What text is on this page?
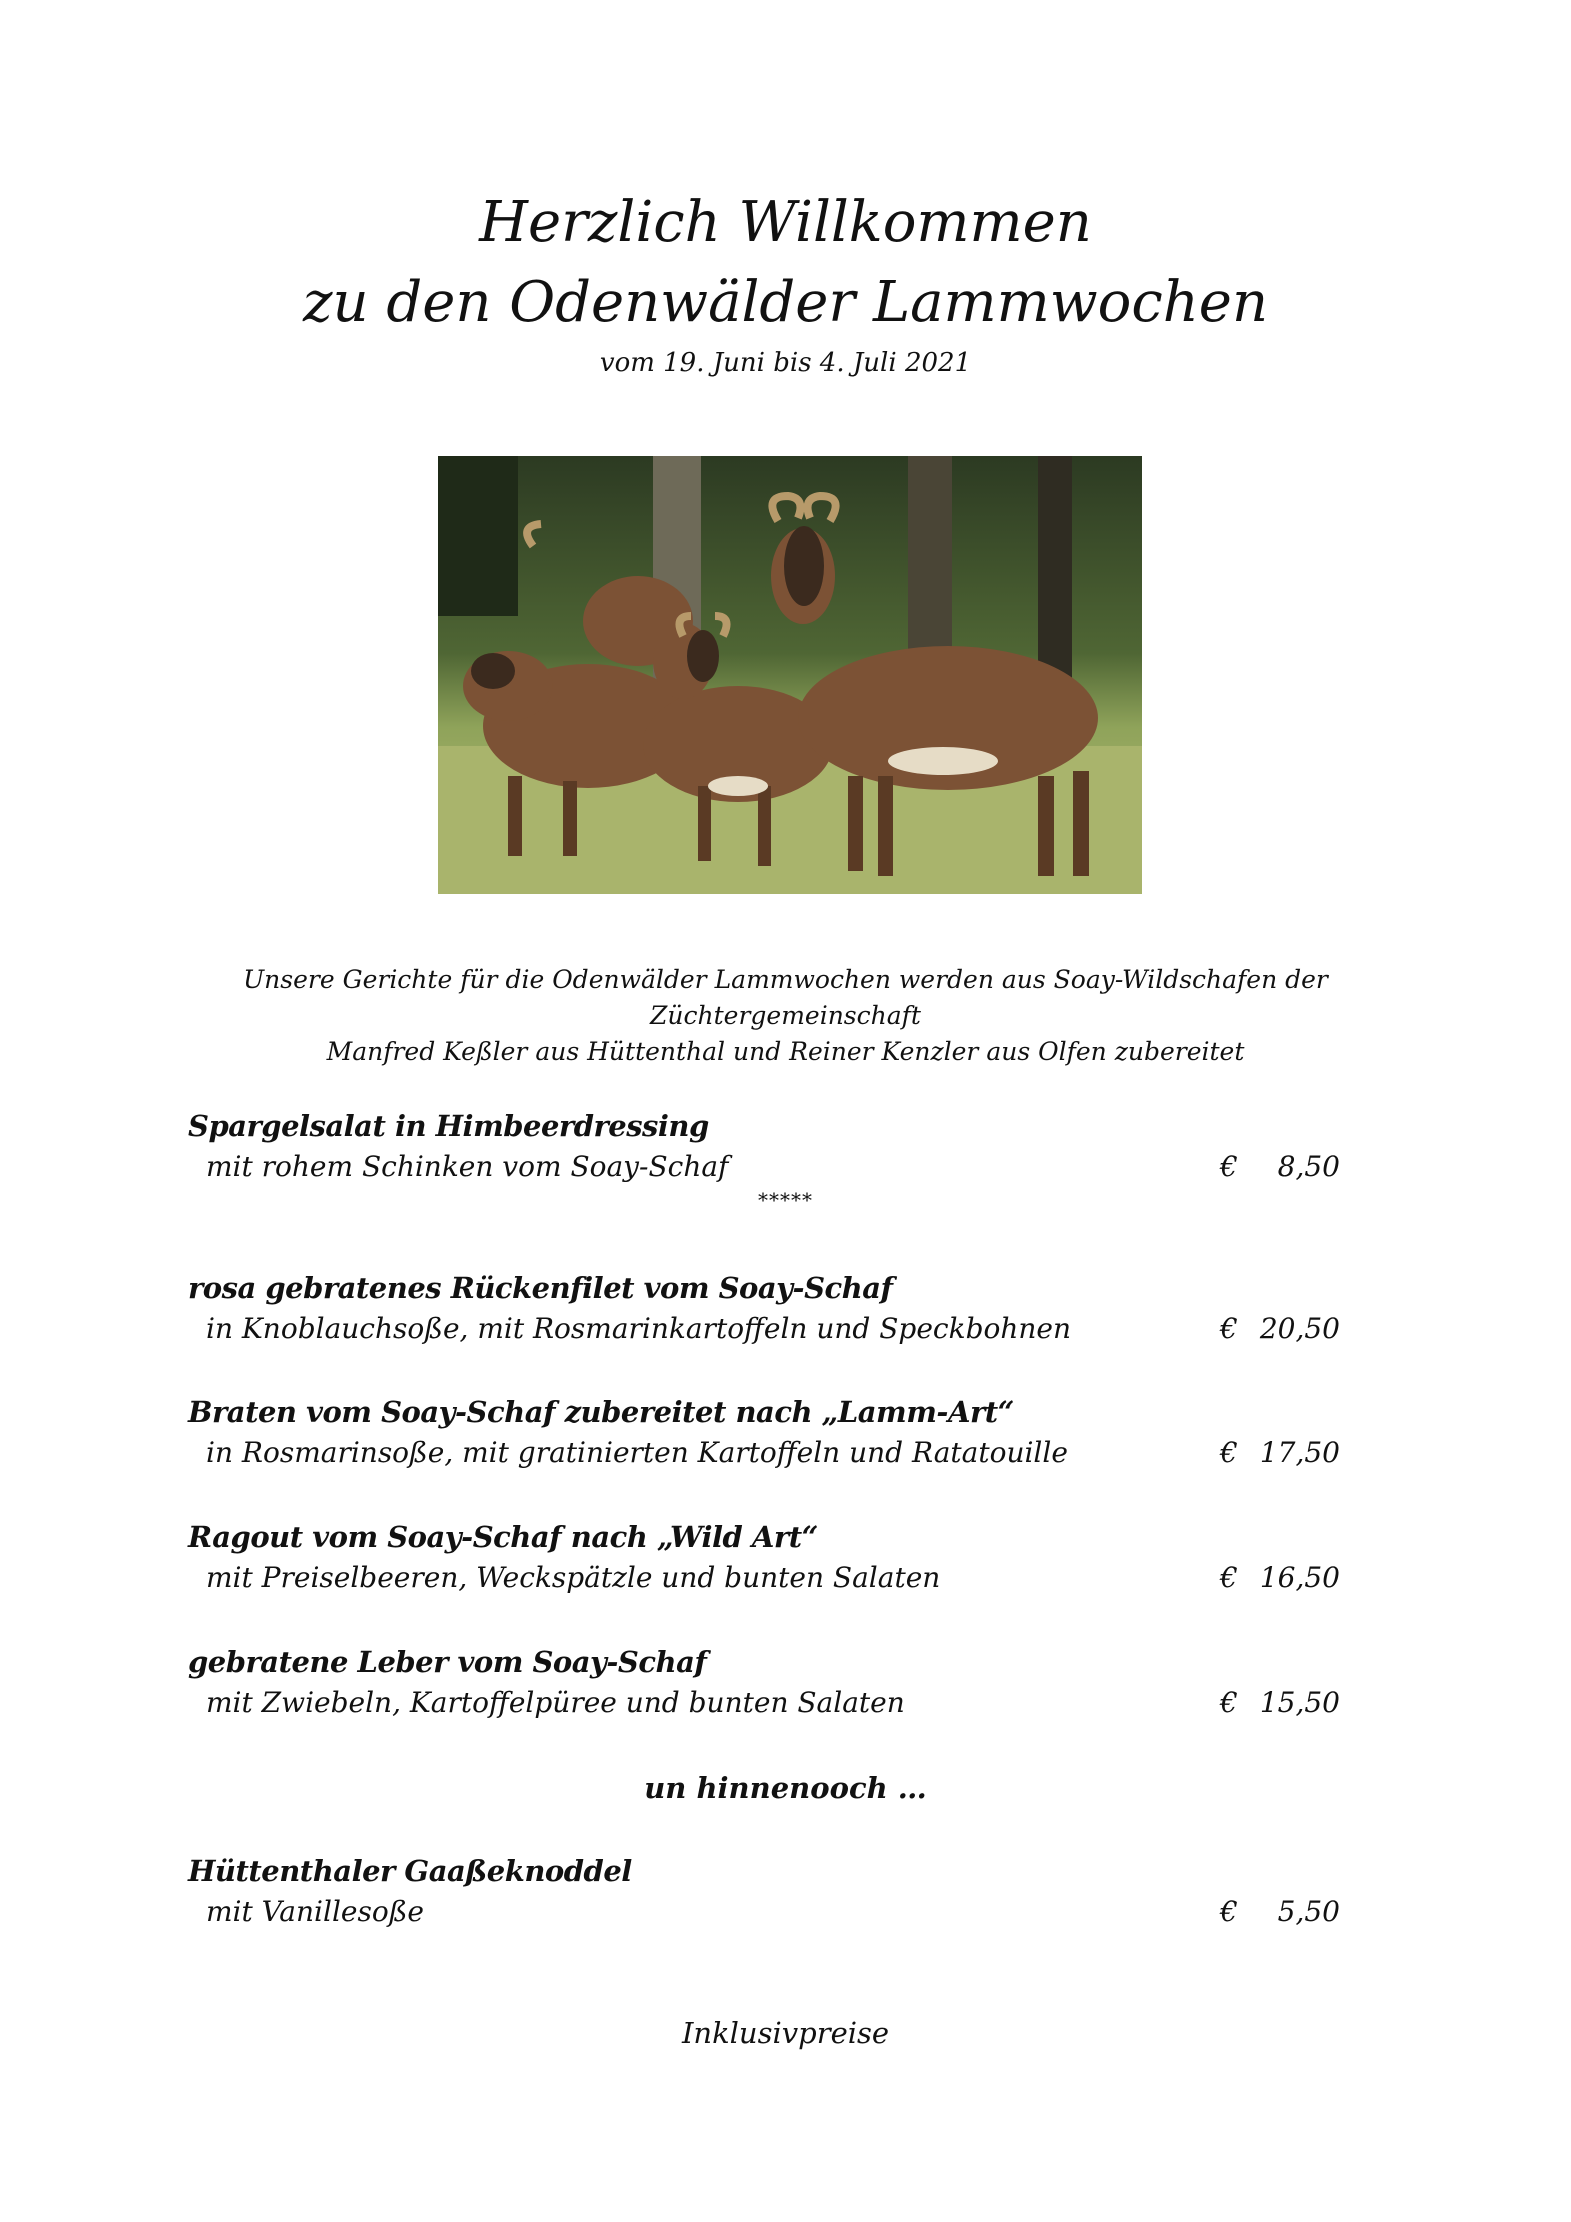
Herzlich Willkommen
zu den Odenwälder Lammwochen

vom 19. Juni bis 4. Juli 2021

Unsere Gerichte für die Odenwälder Lammwochen werden aus Soay-Wildschafen der Züchtergemeinschaft
Manfred Keßler aus Hüttenthal und Reiner Kenzler aus Olfen zubereitet

Spargelsalat in Himbeerdressing
mit rohem Schinken vom Soay-Schaf	€	8,50
*****
rosa gebratenes Rückenfilet vom Soay-Schaf
in Knoblauchsoße, mit Rosmarinkartoffeln und Speckbohnen	€ 20,50
Braten vom Soay-Schaf zubereitet nach „Lamm-Art“
in Rosmarinsoße, mit gratinierten Kartoffeln und Ratatouille	€ 17,50
Ragout vom Soay-Schaf nach „Wild Art“
mit Preiselbeeren, Weckspätzle und bunten Salaten	€ 16,50
gebratene Leber vom Soay-Schaf
mit Zwiebeln, Kartoffelpüree und bunten Salaten	€ 15,50
un hinnenooch …
Hüttenthaler Gaaßeknoddel
mit Vanillesoße	€	5,50

Inklusivpreise
